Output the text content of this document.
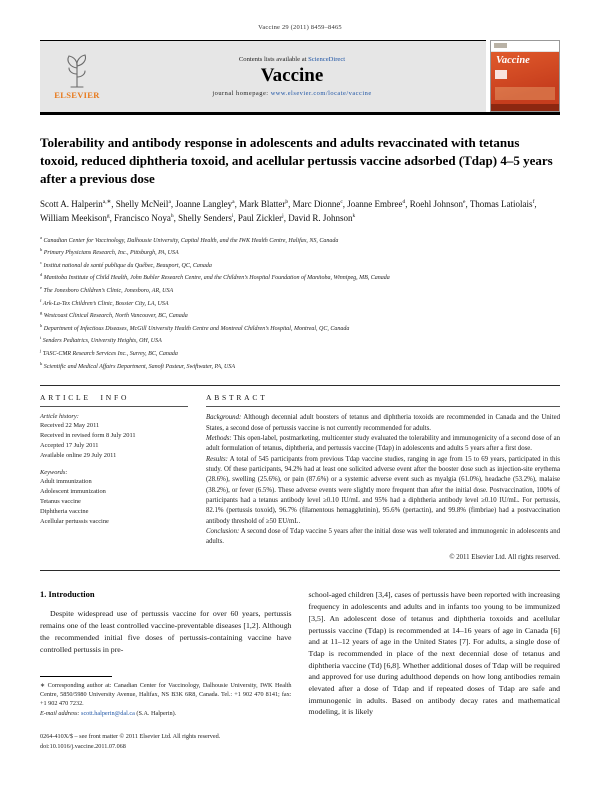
Vaccine 29 (2011) 8459–8465
ELSEVIER
Contents lists available at ScienceDirect
Vaccine
journal homepage: www.elsevier.com/locate/vaccine
Vaccine
Tolerability and antibody response in adolescents and adults revaccinated with tetanus toxoid, reduced diphtheria toxoid, and acellular pertussis vaccine adsorbed (Tdap) 4–5 years after a previous dose
Scott A. Halperin$^{a,∗}$, Shelly McNeil$^a$, Joanne Langley$^a$, Mark Blatter$^b$, Marc Dionne$^c$, Joanne Embree$^d$, Roehl Johnson$^e$, Thomas Latiolais$^f$, William Meekison$^g$, Francisco Noya$^h$, Shelly Senders$^i$, Paul Zickler$^j$, David R. Johnson$^k$
$^a$ Canadian Center for Vaccinology, Dalhousie University, Capital Health, and the IWK Health Centre, Halifax, NS, Canada
$^b$ Primary Physicians Research, Inc., Pittsburgh, PA, USA
$^c$ Institut national de santé publique du Québec, Beauport, QC, Canada
$^d$ Manitoba Institute of Child Health, John Buhler Research Centre, and the Children’s Hospital Foundation of Manitoba, Winnipeg, MB, Canada
$^e$ The Jonesboro Children’s Clinic, Jonesboro, AR, USA
$^f$ Ark-La-Tex Children’s Clinic, Bossier City, LA, USA
$^g$ Westcoast Clinical Research, North Vancouver, BC, Canada
$^h$ Department of Infectious Diseases, McGill University Health Centre and Montreal Children’s Hospital, Montreal, QC, Canada
$^i$ Senders Pediatrics, University Heights, OH, USA
$^j$ TASC-CMR Research Services Inc., Surrey, BC, Canada
$^k$ Scientific and Medical Affairs Department, Sanofi Pasteur, Swiftwater, PA, USA
ARTICLE INFO
Article history:
Received 22 May 2011
Received in revised form 8 July 2011
Accepted 17 July 2011
Available online 29 July 2011
Keywords:
Adult immunization
Adolescent immunization
Tetanus vaccine
Diphtheria vaccine
Acellular pertussis vaccine
ABSTRACT

Background: Although decennial adult boosters of tetanus and diphtheria toxoids are recommended in Canada and the United States, a second dose of pertussis vaccine is not currently recommended for adults.

Methods: This open-label, postmarketing, multicenter study evaluated the tolerability and immunogenicity of a second dose of an adult formulation of tetanus, diphtheria, and pertussis vaccine (Tdap) in adolescents and adults 5 years after a first dose.

Results: A total of 545 participants from previous Tdap vaccine studies, ranging in age from 15 to 69 years, participated in this study. Of these participants, 94.2% had at least one solicited adverse event after the booster dose such as injection-site erythema (28.6%), swelling (25.6%), or pain (87.6%) or a systemic adverse event such as myalgia (61.0%), headache (53.2%), malaise (38.2%), or fever (6.5%). These adverse events were slightly more frequent than after the initial dose. Postvaccination, 100% of participants had a tetanus antibody level ≥0.10 IU/mL and 95% had a diphtheria antibody level ≥0.10 IU/mL. For pertussis, 82.1% (pertussis toxoid), 96.7% (filamentous hemagglutinin), 95.6% (pertactin), and 99.8% (fimbriae) had a postvaccination antibody threshold of ≥50 EU/mL.

Conclusion: A second dose of Tdap vaccine 5 years after the initial dose was well tolerated and immunogenic in adolescents and adults.

© 2011 Elsevier Ltd. All rights reserved.
1. Introduction

Despite widespread use of pertussis vaccine for over 60 years, pertussis remains one of the least controlled vaccine-preventable diseases [1,2]. Although the recommended initial five doses of pertussis-containing vaccine have controlled pertussis in pre-

∗ Corresponding author at: Canadian Center for Vaccinology, Dalhousie University, IWK Health Centre, 5850/5980 University Avenue, Halifax, NS B3K 6R8, Canada. Tel.: +1 902 470 8141; fax: +1 902 470 7232.

E-mail address: scott.halperin@dal.ca (S.A. Halperin).

school-aged children [3,4], cases of pertussis have been reported with increasing frequency in adolescents and adults and in infants too young to be immunized [3,5]. An adolescent dose of tetanus and diphtheria toxoids and acellular pertussis vaccine (Tdap) is recommended at 14–16 years of age in Canada [6] and at 11–12 years of age in the United States [7]. For adults, a single dose of Tdap is recommended in place of the next decennial dose of tetanus and diphtheria vaccine (Td) [6,8]. Whether additional doses of Tdap will be required and approved for use during adulthood depends on how long antibodies remain elevated after a dose of Tdap and if repeated doses of Tdap are safe and immunogenic in adults. Based on antibody decay rates and mathematical modeling, it is likely

0264-410X/$ – see front matter © 2011 Elsevier Ltd. All rights reserved.
doi:10.1016/j.vaccine.2011.07.068
